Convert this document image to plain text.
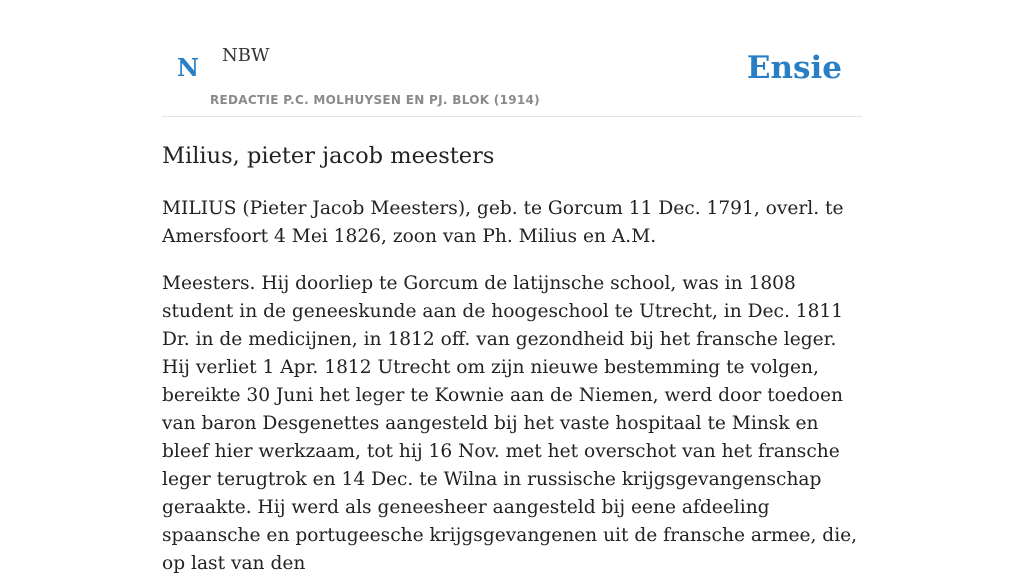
N NBW
REDACTIE P.C. MOLHUYSEN EN PJ. BLOK (1914)
Ensie
Milius, pieter jacob meesters

MILIUS (Pieter Jacob Meesters), geb. te Gorcum 11 Dec. 1791, overl. te Amersfoort 4 Mei 1826, zoon van Ph. Milius en A.M.

Meesters. Hij doorliep te Gorcum de latijnsche school, was in 1808 student in de geneeskunde aan de hoogeschool te Utrecht, in Dec. 1811 Dr. in de medicijnen, in 1812 off. van gezondheid bij het fransche leger. Hij verliet 1 Apr. 1812 Utrecht om zijn nieuwe bestemming te volgen, bereikte 30 Juni het leger te Kownie aan de Niemen, werd door toedoen van baron Desgenettes aangesteld bij het vaste hospitaal te Minsk en bleef hier werkzaam, tot hij 16 Nov. met het overschot van het fransche leger terugtrok en 14 Dec. te Wilna in russische krijgsgevangenschap geraakte. Hij werd als geneesheer aangesteld bij eene afdeeling spaansche en portugeesche krijgsgevangenen uit de fransche armee, die, op last van den
